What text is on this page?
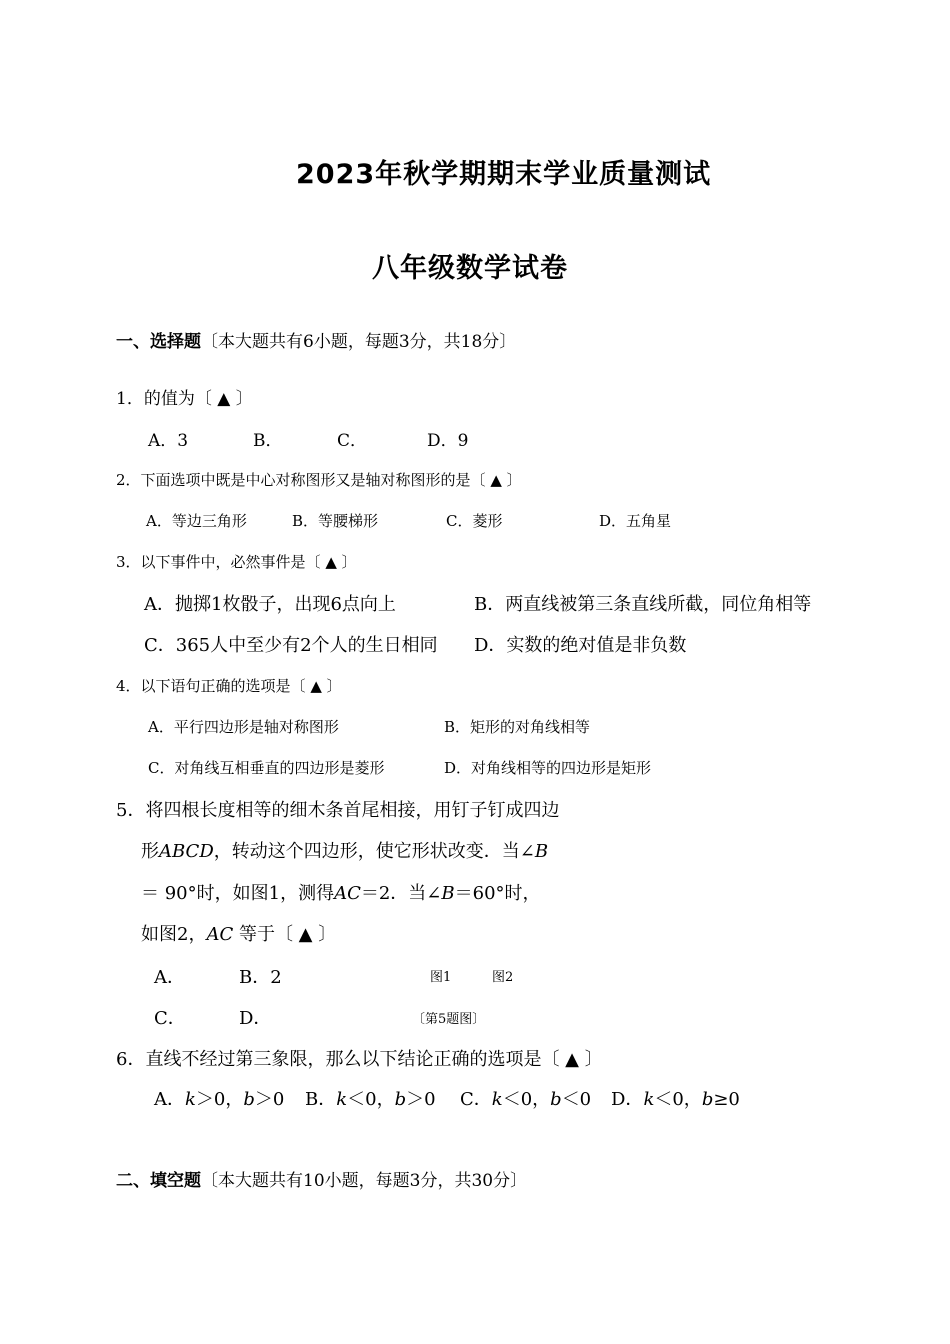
2023年秋学期期末学业质量测试
八年级数学试卷
一、选择题〔本大题共有6小题，每题3分，共18分〕
1．的值为〔 ▲ 〕
A．3	B．	C．	D．9
2．下面选项中既是中心对称图形又是轴对称图形的是〔 ▲ 〕
A．等边三角形	B．等腰梯形	C．菱形	D．五角星
3．以下事件中，必然事件是〔 ▲ 〕
A．抛掷1枚骰子，出现6点向上	B．两直线被第三条直线所截，同位角相等
C．365人中至少有2个人的生日相同 D．实数的绝对值是非负数
4．以下语句正确的选项是〔 ▲ 〕
A．平行四边形是轴对称图形	B．矩形的对角线相等
C．对角线互相垂直的四边形是菱形	D．对角线相等的四边形是矩形
5．将四根长度相等的细木条首尾相接，用钉子钉成四边
形ABCD，转动这个四边形，使它形状改变．当∠B
＝ 90°时，如图1，测得AC＝2．当∠B＝60°时，
如图2，AC 等于〔 ▲ 〕
A．	B．2	图1	图2
C．	D．	〔第5题图〕
6．直线不经过第三象限，那么以下结论正确的选项是〔 ▲ 〕
A．k＞0，b＞0 B．k＜0，b＞0 C．k＜0，b＜0 D．k＜0，b≥0
二、填空题〔本大题共有10小题，每题3分，共30分〕
